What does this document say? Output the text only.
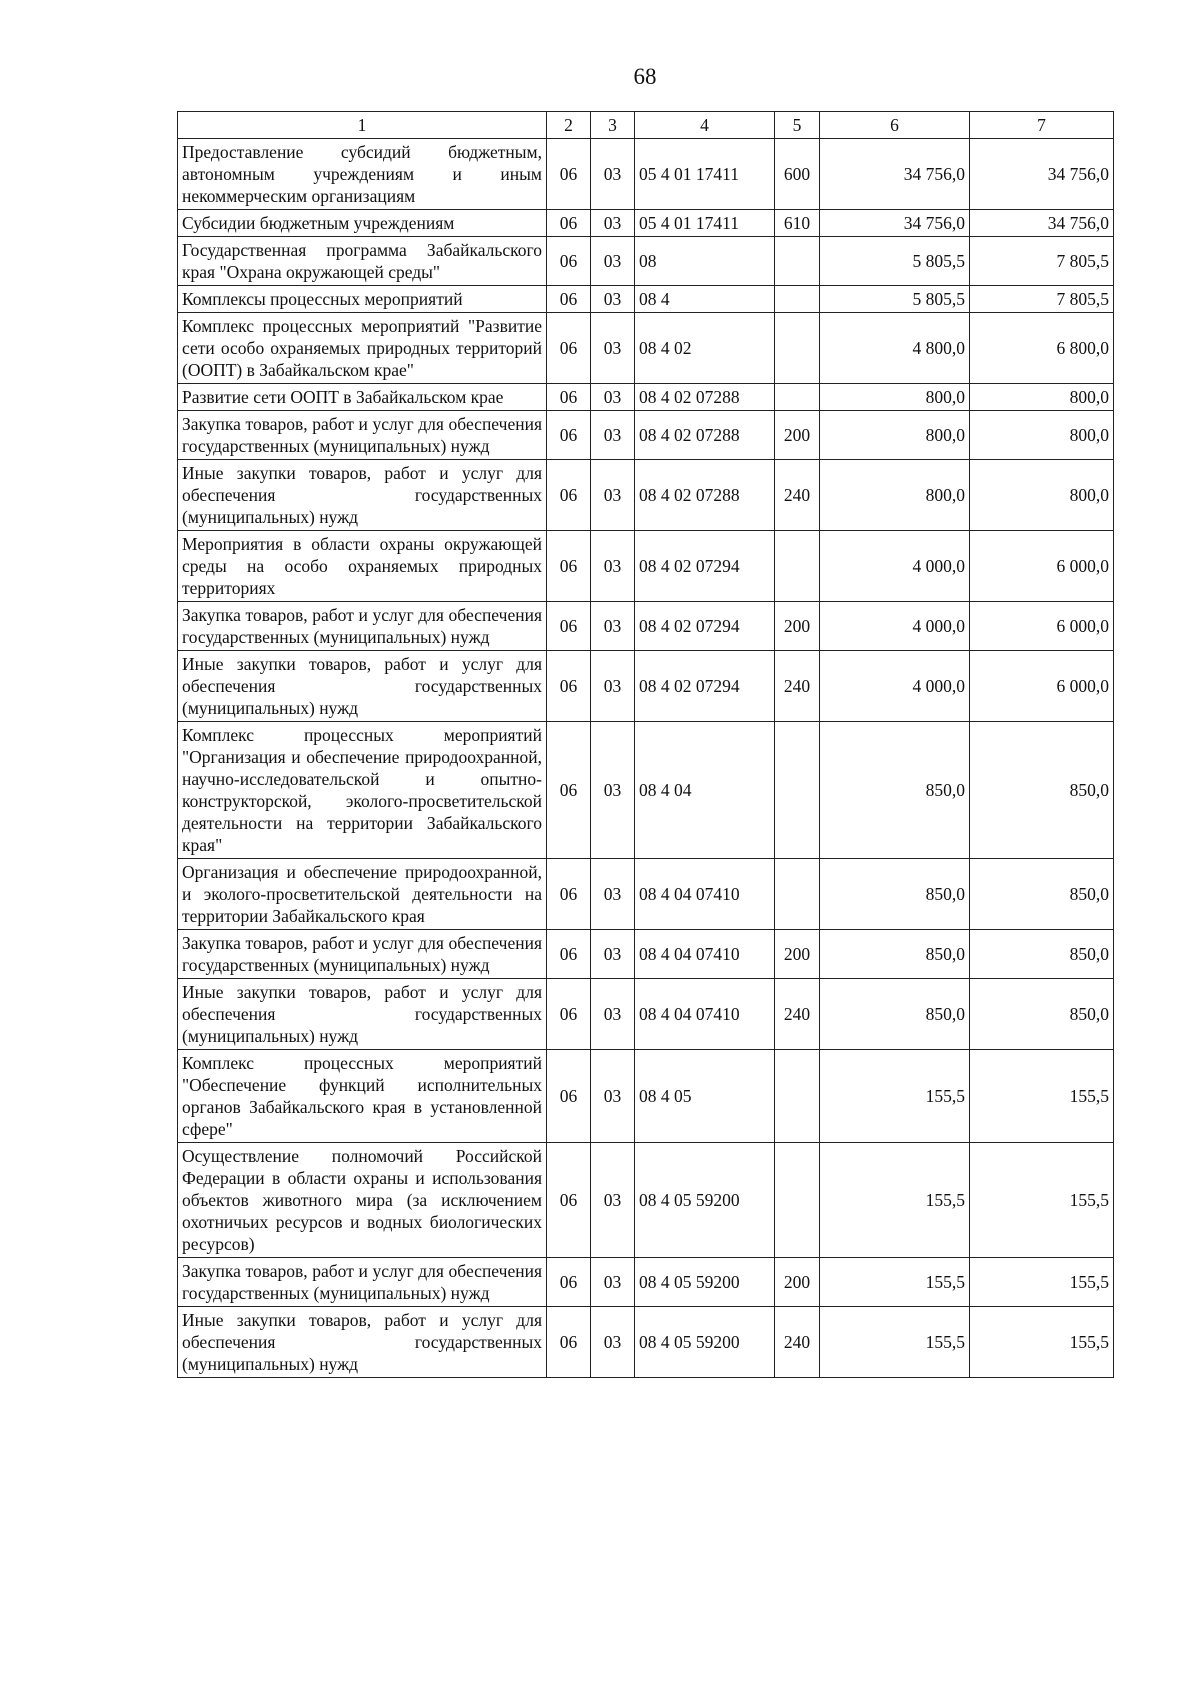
68
1	2	3	4	5	6	7
Предоставление субсидий бюджетным, автономным учреждениям и иным некоммерческим организациям	06	03	05 4 01 17411	600	34 756,0	34 756,0
Субсидии бюджетным учреждениям	06	03	05 4 01 17411	610	34 756,0	34 756,0
Государственная программа Забайкальского края "Охрана окружающей среды"	06	03	08		5 805,5	7 805,5
Комплексы процессных мероприятий	06	03	08 4		5 805,5	7 805,5
Комплекс процессных мероприятий "Развитие сети особо охраняемых природных территорий (ООПТ) в Забайкальском крае"	06	03	08 4 02		4 800,0	6 800,0
Развитие сети ООПТ в Забайкальском крае	06	03	08 4 02 07288		800,0	800,0
Закупка товаров, работ и услуг для обеспечения государственных (муниципальных) нужд	06	03	08 4 02 07288	200	800,0	800,0
Иные закупки товаров, работ и услуг для обеспечения государственных (муниципальных) нужд	06	03	08 4 02 07288	240	800,0	800,0
Мероприятия в области охраны окружающей среды на особо охраняемых природных территориях	06	03	08 4 02 07294		4 000,0	6 000,0
Закупка товаров, работ и услуг для обеспечения государственных (муниципальных) нужд	06	03	08 4 02 07294	200	4 000,0	6 000,0
Иные закупки товаров, работ и услуг для обеспечения государственных (муниципальных) нужд	06	03	08 4 02 07294	240	4 000,0	6 000,0
Комплекс процессных мероприятий "Организация и обеспечение природоохранной, научно-исследовательской и опытно-конструкторской, эколого-просветительской деятельности на территории Забайкальского края"	06	03	08 4 04		850,0	850,0
Организация и обеспечение природоохранной, и эколого-просветительской деятельности на территории Забайкальского края	06	03	08 4 04 07410		850,0	850,0
Закупка товаров, работ и услуг для обеспечения государственных (муниципальных) нужд	06	03	08 4 04 07410	200	850,0	850,0
Иные закупки товаров, работ и услуг для обеспечения государственных (муниципальных) нужд	06	03	08 4 04 07410	240	850,0	850,0
Комплекс процессных мероприятий "Обеспечение функций исполнительных органов Забайкальского края в установленной сфере"	06	03	08 4 05		155,5	155,5
Осуществление полномочий Российской Федерации в области охраны и использования объектов животного мира (за исключением охотничьих ресурсов и водных биологических ресурсов)	06	03	08 4 05 59200		155,5	155,5
Закупка товаров, работ и услуг для обеспечения государственных (муниципальных) нужд	06	03	08 4 05 59200	200	155,5	155,5
Иные закупки товаров, работ и услуг для обеспечения государственных (муниципальных) нужд	06	03	08 4 05 59200	240	155,5	155,5
